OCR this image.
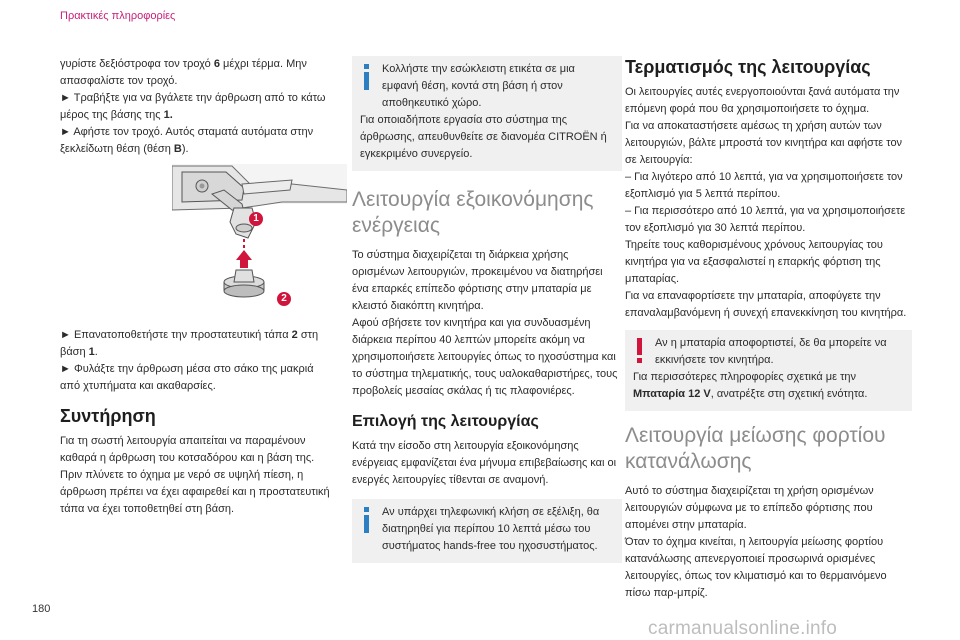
Πρακτικές πληροφορίες

γυρίστε δεξιόστροφα τον τροχό 6 μέχρι τέρμα. Μην απασφαλίστε τον τροχό.

► Τραβήξτε για να βγάλετε την άρθρωση από το κάτω μέρος της βάσης της 1.

► Αφήστε τον τροχό. Αυτός σταματά αυτόματα στην ξεκλείδωτη θέση (θέση B).

1
2

► Επανατοποθετήστε την προστατευτική τάπα 2 στη βάση 1.

► Φυλάξτε την άρθρωση μέσα στο σάκο της μακριά από χτυπήματα και ακαθαρσίες.

Συντήρηση

Για τη σωστή λειτουργία απαιτείται να παραμένουν καθαρά η άρθρωση του κοτσαδόρου και η βάση της.

Πριν πλύνετε το όχημα με νερό σε υψηλή πίεση, η άρθρωση πρέπει να έχει αφαιρεθεί και η προστατευτική τάπα να έχει τοποθετηθεί στη βάση.

Κολλήστε την εσώκλειστη ετικέτα σε μια εμφανή θέση, κοντά στη βάση ή στον αποθηκευτικό χώρο.

Για οποιαδήποτε εργασία στο σύστημα της άρθρωσης, απευθυνθείτε σε διανομέα CITROËN ή εγκεκριμένο συνεργείο.

Λειτουργία εξοικονόμησης ενέργειας

Το σύστημα διαχειρίζεται τη διάρκεια χρήσης ορισμένων λειτουργιών, προκειμένου να διατηρήσει ένα επαρκές επίπεδο φόρτισης στην μπαταρία με κλειστό διακόπτη κινητήρα.

Αφού σβήσετε τον κινητήρα και για συνδυασμένη διάρκεια περίπου 40 λεπτών μπορείτε ακόμη να χρησιμοποιήσετε λειτουργίες όπως το ηχοσύστημα και το σύστημα τηλεματικής, τους υαλοκαθαριστήρες, τους προβολείς μεσαίας σκάλας ή τις πλαφονιέρες.

Επιλογή της λειτουργίας

Κατά την είσοδο στη λειτουργία εξοικονόμησης ενέργειας εμφανίζεται ένα μήνυμα επιβεβαίωσης και οι ενεργές λειτουργίες τίθενται σε αναμονή.

Αν υπάρχει τηλεφωνική κλήση σε εξέλιξη, θα διατηρηθεί για περίπου 10 λεπτά μέσω του συστήματος hands-free του ηχοσυστήματος.

Τερματισμός της λειτουργίας

Οι λειτουργίες αυτές ενεργοποιούνται ξανά αυτόματα την επόμενη φορά που θα χρησιμοποιήσετε το όχημα.

Για να αποκαταστήσετε αμέσως τη χρήση αυτών των λειτουργιών, βάλτε μπροστά τον κινητήρα και αφήστε τον σε λειτουργία:

– Για λιγότερο από 10 λεπτά, για να χρησιμοποιήσετε τον εξοπλισμό για 5 λεπτά περίπου.

– Για περισσότερο από 10 λεπτά, για να χρησιμοποιήσετε τον εξοπλισμό για 30 λεπτά περίπου.

Τηρείτε τους καθορισμένους χρόνους λειτουργίας του κινητήρα για να εξασφαλιστεί η επαρκής φόρτιση της μπαταρίας.

Για να επαναφορτίσετε την μπαταρία, αποφύγετε την επαναλαμβανόμενη ή συνεχή επανεκκίνηση του κινητήρα.

Αν η μπαταρία αποφορτιστεί, δε θα μπορείτε να εκκινήσετε τον κινητήρα.

Για περισσότερες πληροφορίες σχετικά με την Μπαταρία 12 V, ανατρέξτε στη σχετική ενότητα.

Λειτουργία μείωσης φορτίου κατανάλωσης

Αυτό το σύστημα διαχειρίζεται τη χρήση ορισμένων λειτουργιών σύμφωνα με το επίπεδο φόρτισης που απομένει στην μπαταρία.

Όταν το όχημα κινείται, η λειτουργία μείωσης φορτίου κατανάλωσης απενεργοποιεί προσωρινά ορισμένες λειτουργίες, όπως τον κλιματισμό και το θερμαινόμενο πίσω παρ-μπρίζ.

180
carmanualsonline.info
